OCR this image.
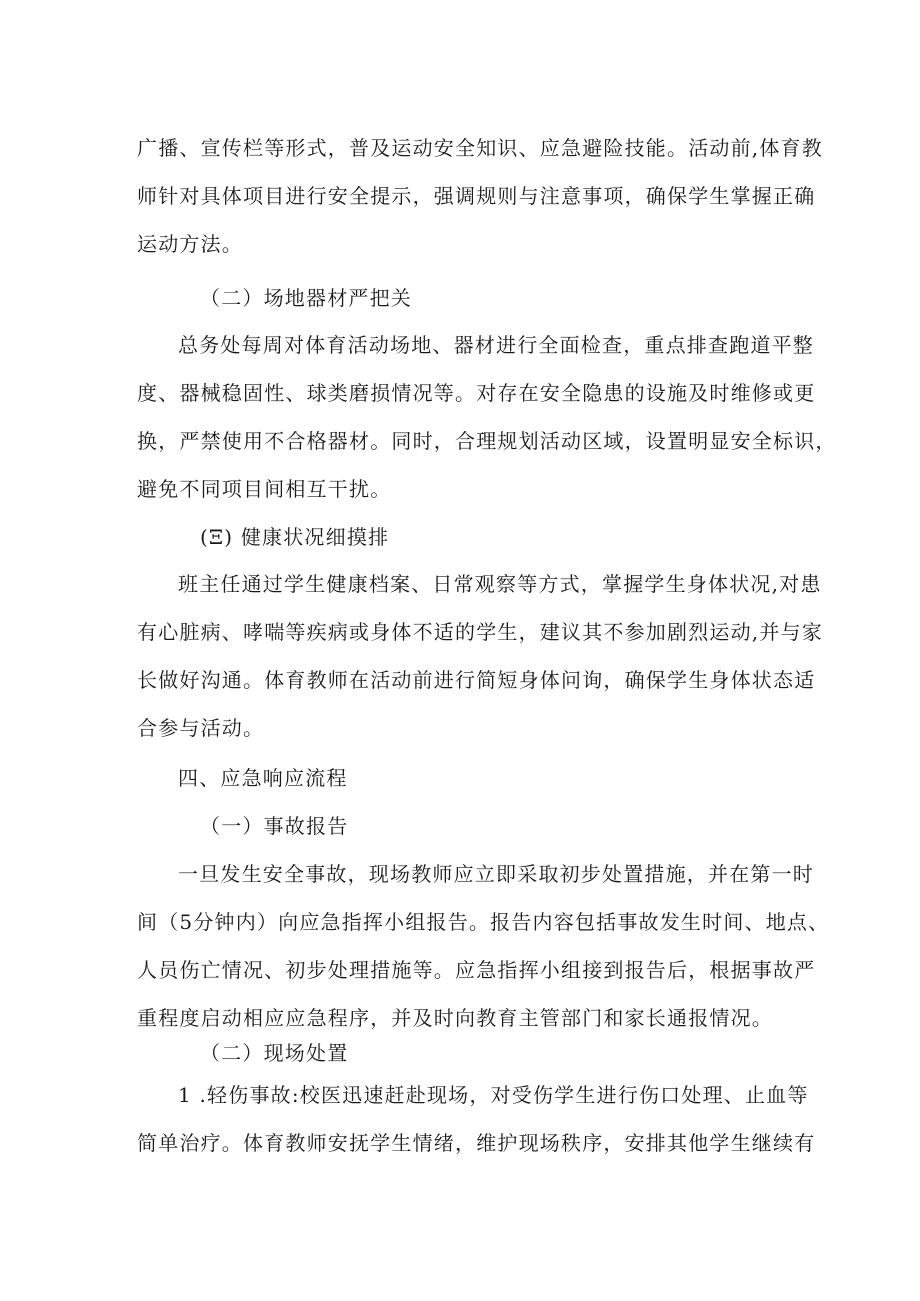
广播、宣传栏等形式，普及运动安全知识、应急避险技能。活动前,体育教
师针对具体项目进行安全提示，强调规则与注意事项，确保学生掌握正确
运动方法。
（二）场地器材严把关
总务处每周对体育活动场地、器材进行全面检查，重点排查跑道平整
度、器械稳固性、球类磨损情况等。对存在安全隐患的设施及时维修或更
换，严禁使用不合格器材。同时，合理规划活动区域，设置明显安全标识，
避免不同项目间相互干扰。
(Ξ) 健康状况细摸排
班主任通过学生健康档案、日常观察等方式，掌握学生身体状况,对患
有心脏病、哮喘等疾病或身体不适的学生，建议其不参加剧烈运动,并与家
长做好沟通。体育教师在活动前进行简短身体问询，确保学生身体状态适
合参与活动。
四、应急响应流程
（一）事故报告
一旦发生安全事故，现场教师应立即采取初步处置措施，并在第一时
间（5分钟内）向应急指挥小组报告。报告内容包括事故发生时间、地点、
人员伤亡情况、初步处理措施等。应急指挥小组接到报告后，根据事故严
重程度启动相应应急程序，并及时向教育主管部门和家长通报情况。
（二）现场处置
1 .轻伤事故:校医迅速赶赴现场，对受伤学生进行伤口处理、止血等
简单治疗。体育教师安抚学生情绪，维护现场秩序，安排其他学生继续有
